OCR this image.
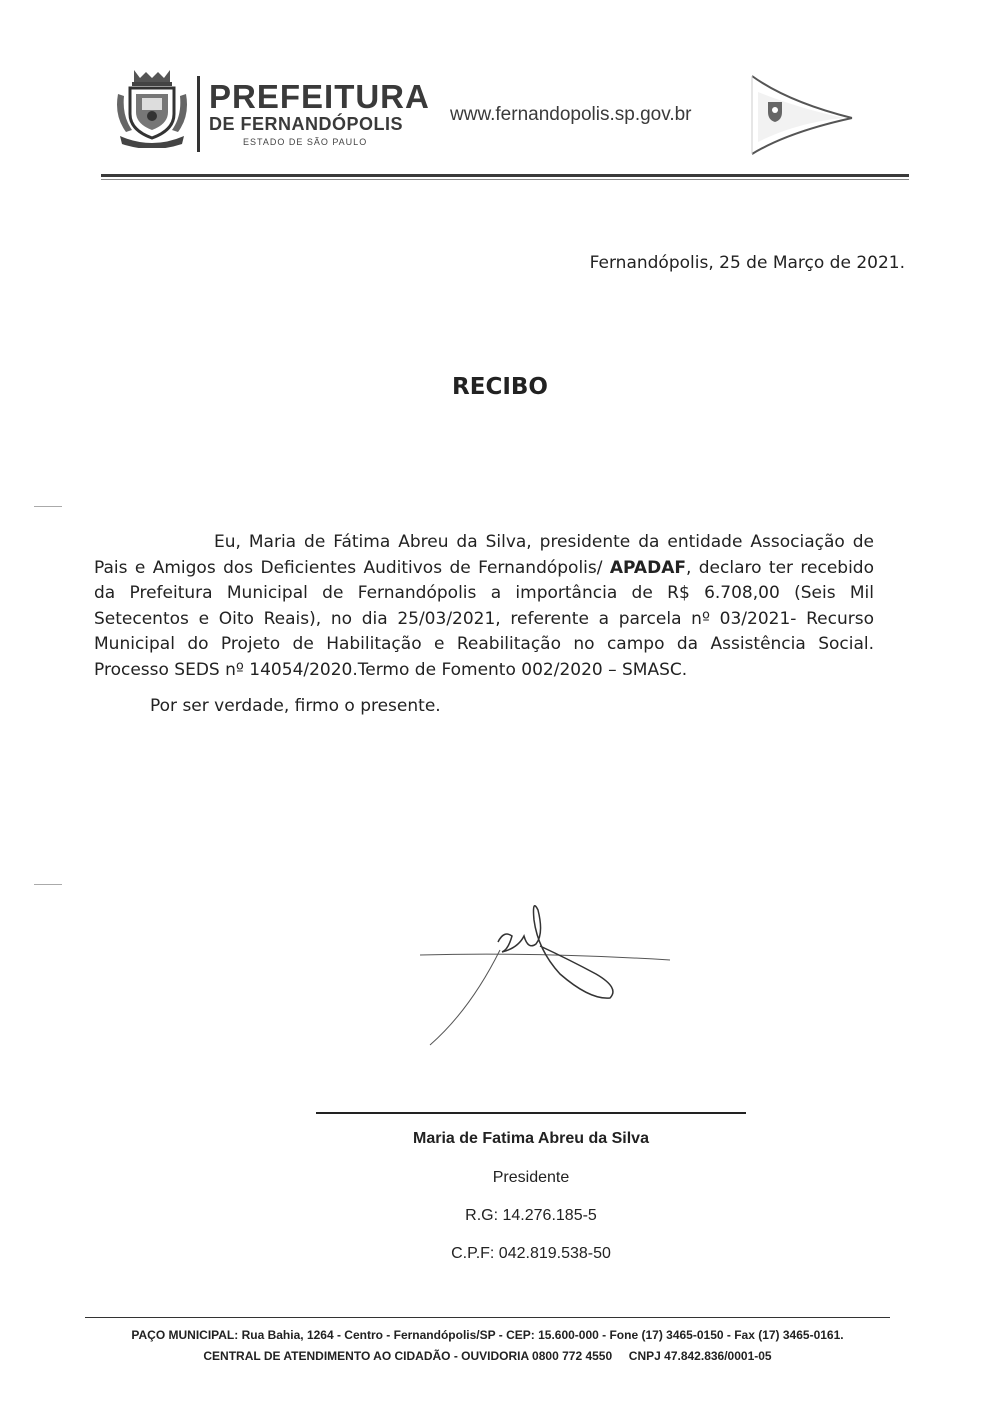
PREFEITURA
DE FERNANDÓPOLIS
ESTADO DE SÃO PAULO
www.fernandopolis.sp.gov.br
Fernandópolis, 25 de Março de 2021.
RECIBO

Eu, Maria de Fátima Abreu da Silva, presidente da entidade Associação de Pais e Amigos dos Deficientes Auditivos de Fernandópolis/ APADAF, declaro ter recebido da Prefeitura Municipal de Fernandópolis a importância de R$ 6.708,00 (Seis Mil Setecentos e Oito Reais), no dia 25/03/2021, referente a parcela nº 03/2021- Recurso Municipal do Projeto de Habilitação e Reabilitação no campo da Assistência Social. Processo SEDS nº 14054/2020.Termo de Fomento 002/2020 – SMASC.

Por ser verdade, firmo o presente.
Maria de Fatima Abreu da Silva
Presidente
R.G: 14.276.185-5
C.P.F: 042.819.538-50
PAÇO MUNICIPAL: Rua Bahia, 1264 - Centro - Fernandópolis/SP - CEP: 15.600-000 - Fone (17) 3465-0150 - Fax (17) 3465-0161.
CENTRAL DE ATENDIMENTO AO CIDADÃO - OUVIDORIA 0800 772 4550     CNPJ 47.842.836/0001-05
